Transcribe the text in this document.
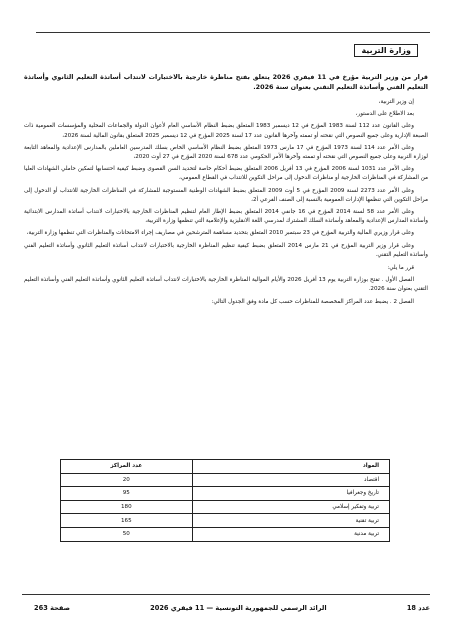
وزارة التربية

قرار من وزير التربية مؤرخ في 11 فيفري 2026 يتعلق بفتح مناظرة خارجية بالاختبارات لانتداب أساتذة التعليم الثانوي وأساتذة التعليم الفني وأساتذة التعليم التقني بعنوان سنة 2026.

إن وزير التربية،

بعد الاطلاع على الدستور،

وعلى القانون عدد 112 لسنة 1983 المؤرخ في 12 ديسمبر 1983 المتعلق بضبط النظام الأساسي العام لأعوان الدولة والجماعات المحلية والمؤسسات العمومية ذات الصبغة الإدارية وعلى جميع النصوص التي نقحته أو تممته وآخرها القانون عدد 17 لسنة 2025 المؤرخ في 12 ديسمبر 2025 المتعلق بقانون المالية لسنة 2026،

وعلى الأمر عدد 114 لسنة 1973 المؤرخ في 17 مارس 1973 المتعلق بضبط النظام الأساسي الخاص بسلك المدرسين العاملين بالمدارس الإعدادية والمعاهد التابعة لوزارة التربية وعلى جميع النصوص التي نقحته أو تممته وآخرها الأمر الحكومي عدد 678 لسنة 2020 المؤرخ في 27 أوت 2020،

وعلى الأمر عدد 1031 لسنة 2006 المؤرخ في 13 أفريل 2006 المتعلق بضبط أحكام خاصة لتحديد السن القصوى وضبط كيفية احتسابها لتمكين حاملي الشهادات العليا من المشاركة في المناظرات الخارجية أو مناظرات الدخول إلى مراحل التكوين للانتداب في القطاع العمومي،

وعلى الأمر عدد 2273 لسنة 2009 المؤرخ في 5 أوت 2009 المتعلق بضبط الشهادات الوطنية المستوجبة للمشاركة في المناظرات الخارجية للانتداب أو الدخول إلى مراحل التكوين التي تنظمها الإدارات العمومية بالنسبة إلى الصنف الفرعي أ2،

وعلى الأمر عدد 58 لسنة 2014 المؤرخ في 16 جانفي 2014 المتعلق بضبط الإطار العام لتنظيم المناظرات الخارجية بالاختبارات لانتداب أساتذة المدارس الابتدائية وأساتذة المدارس الإعدادية والمعاهد وأساتذة السلك المشترك لمدرسي اللغة الانقليزية والإعلامية التي تنظمها وزارة التربية،

وعلى قرار وزيري المالية والتربية المؤرخ في 23 سبتمبر 2010 المتعلق بتحديد مساهمة المترشحين في مصاريف إجراء الامتحانات والمناظرات التي تنظمها وزارة التربية،

وعلى قرار وزير التربية المؤرخ في 21 مارس 2014 المتعلق بضبط كيفية تنظيم المناظرة الخارجية بالاختبارات لانتداب أساتذة التعليم الثانوي وأساتذة التعليم الفني وأساتذة التعليم التقني.

قرر ما يلي:

الفصل الأول . تفتح بوزارة التربية يوم 13 أفريل 2026 والأيام الموالية المناظرة الخارجية بالاختبارات لانتداب أساتذة التعليم الثانوي وأساتذة التعليم الفني وأساتذة التعليم التقني بعنوان سنة 2026.

الفصل 2 . يضبط عدد المراكز المخصصة للمناظرات حسب كل مادة وفق الجدول التالي:

المواد	عدد المراكز
اقتصاد	20
تاريخ وجغرافيا	95
تربية وتفكير إسلامي	180
تربية تقنية	165
تربية مدنية	50
عدد 18
الرائد الرسمي للجمهورية التونسية — 11 فيفري 2026
صفحة 263
